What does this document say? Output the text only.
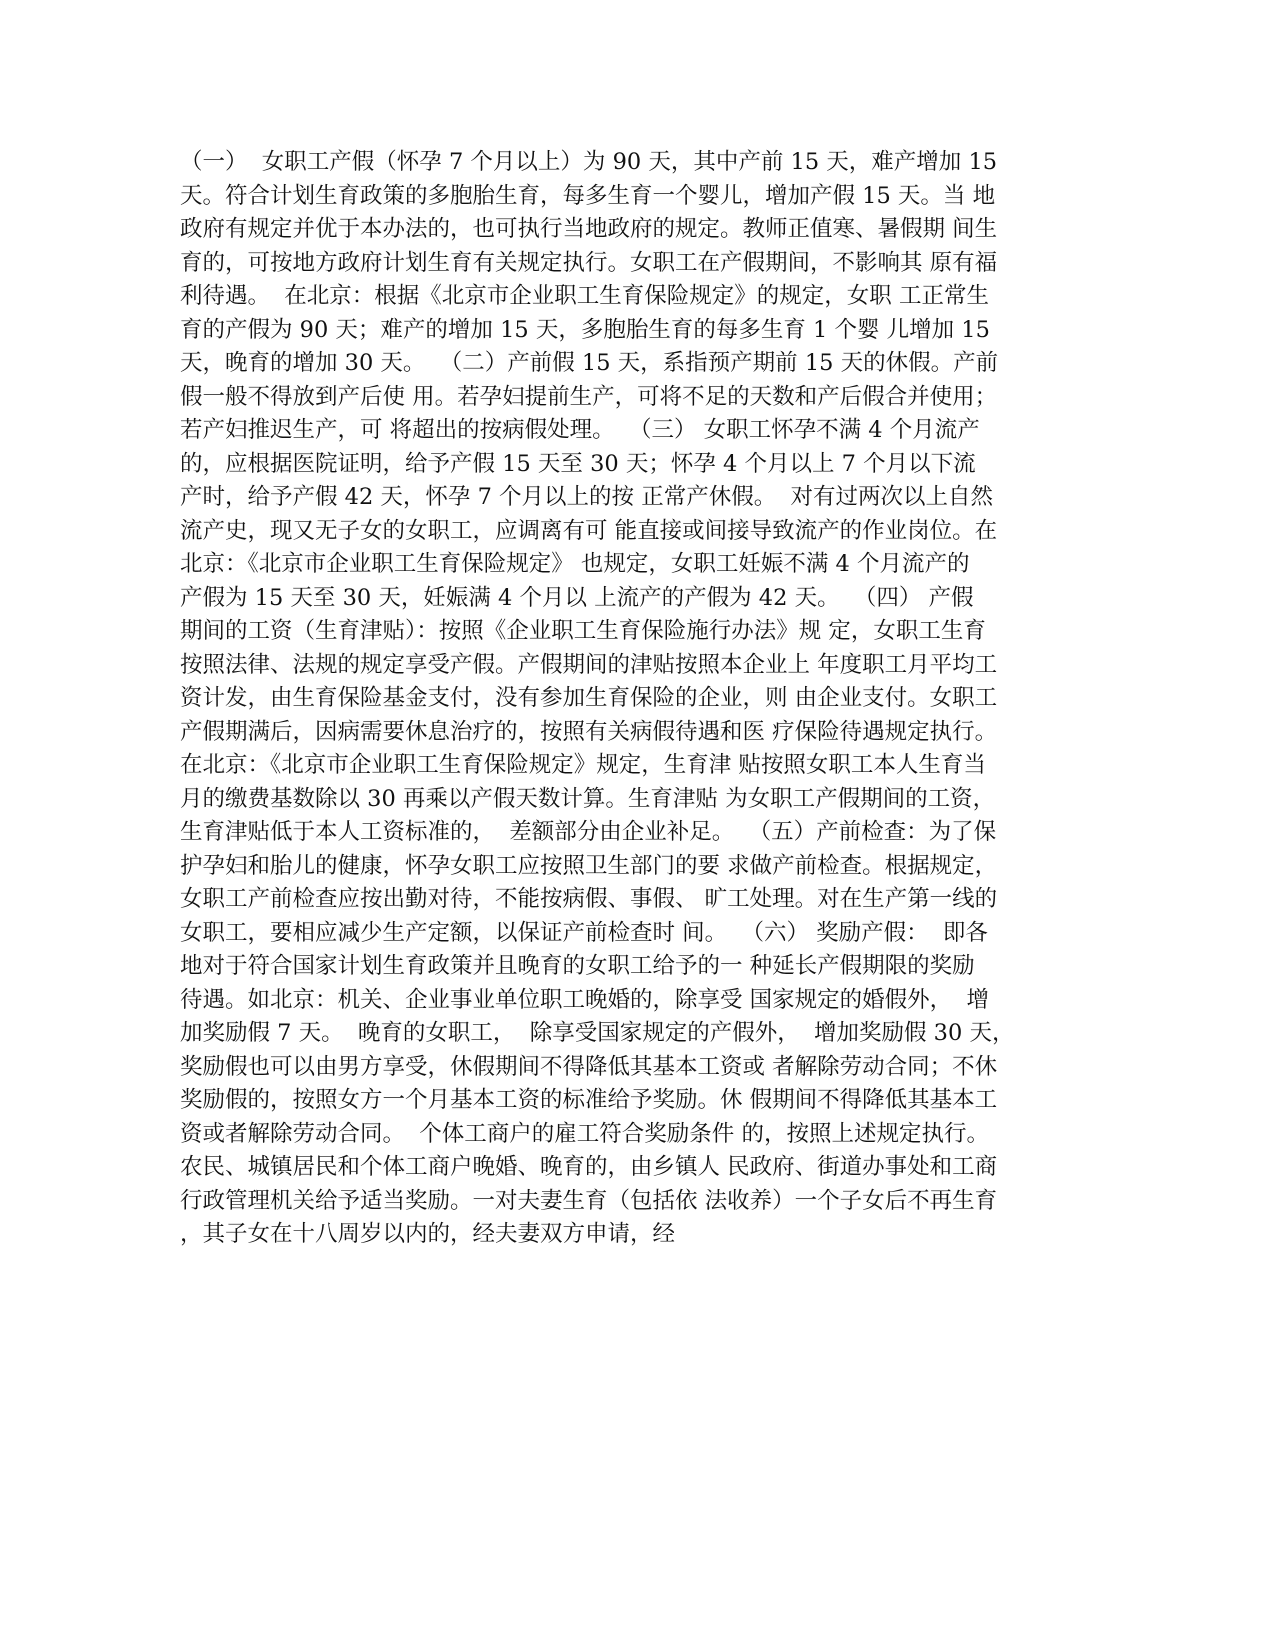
（一）  女职工产假（怀孕 7 个月以上）为 90 天，其中产前 15 天，难产增加 15
天。符合计划生育政策的多胞胎生育，每多生育一个婴儿，增加产假 15 天。当 地
政府有规定并优于本办法的，也可执行当地政府的规定。教师正值寒、暑假期 间生
育的，可按地方政府计划生育有关规定执行。女职工在产假期间，不影响其 原有福
利待遇。  在北京：根据《北京市企业职工生育保险规定》的规定，女职 工正常生
育的产假为 90 天；难产的增加 15 天，多胞胎生育的每多生育 1 个婴 儿增加 15
天，晚育的增加 30 天。  （二）产前假 15 天，系指预产期前 15 天的休假。产前
假一般不得放到产后使 用。若孕妇提前生产，可将不足的天数和产后假合并使用；
若产妇推迟生产，可 将超出的按病假处理。  （三） 女职工怀孕不满 4 个月流产
的，应根据医院证明，给予产假 15 天至 30 天；怀孕 4 个月以上 7 个月以下流
产时，给予产假 42 天，怀孕 7 个月以上的按 正常产休假。  对有过两次以上自然
流产史，现又无子女的女职工，应调离有可 能直接或间接导致流产的作业岗位。在
北京：《北京市企业职工生育保险规定》 也规定，女职工妊娠不满 4 个月流产的
产假为 15 天至 30 天，妊娠满 4 个月以 上流产的产假为 42 天。  （四） 产假
期间的工资（生育津贴）：按照《企业职工生育保险施行办法》规 定，女职工生育
按照法律、法规的规定享受产假。产假期间的津贴按照本企业上 年度职工月平均工
资计发，由生育保险基金支付，没有参加生育保险的企业，则 由企业支付。女职工
产假期满后，因病需要休息治疗的，按照有关病假待遇和医 疗保险待遇规定执行。
在北京：《北京市企业职工生育保险规定》规定，生育津 贴按照女职工本人生育当
月的缴费基数除以 30 再乘以产假天数计算。生育津贴 为女职工产假期间的工资，
生育津贴低于本人工资标准的，  差额部分由企业补足。  （五）产前检查：为了保
护孕妇和胎儿的健康，怀孕女职工应按照卫生部门的要 求做产前检查。根据规定，
女职工产前检查应按出勤对待，不能按病假、事假、 旷工处理。对在生产第一线的
女职工，要相应减少生产定额，以保证产前检查时 间。  （六） 奖励产假：  即各
地对于符合国家计划生育政策并且晚育的女职工给予的一 种延长产假期限的奖励
待遇。如北京：机关、企业事业单位职工晚婚的，除享受 国家规定的婚假外，  增
加奖励假 7 天。  晚育的女职工，  除享受国家规定的产假外，  增加奖励假 30 天，
奖励假也可以由男方享受，休假期间不得降低其基本工资或 者解除劳动合同；不休
奖励假的，按照女方一个月基本工资的标准给予奖励。休 假期间不得降低其基本工
资或者解除劳动合同。  个体工商户的雇工符合奖励条件 的，按照上述规定执行。
农民、城镇居民和个体工商户晚婚、晚育的，由乡镇人 民政府、街道办事处和工商
行政管理机关给予适当奖励。一对夫妻生育（包括依 法收养）一个子女后不再生育
，其子女在十八周岁以内的，经夫妻双方申请，经
